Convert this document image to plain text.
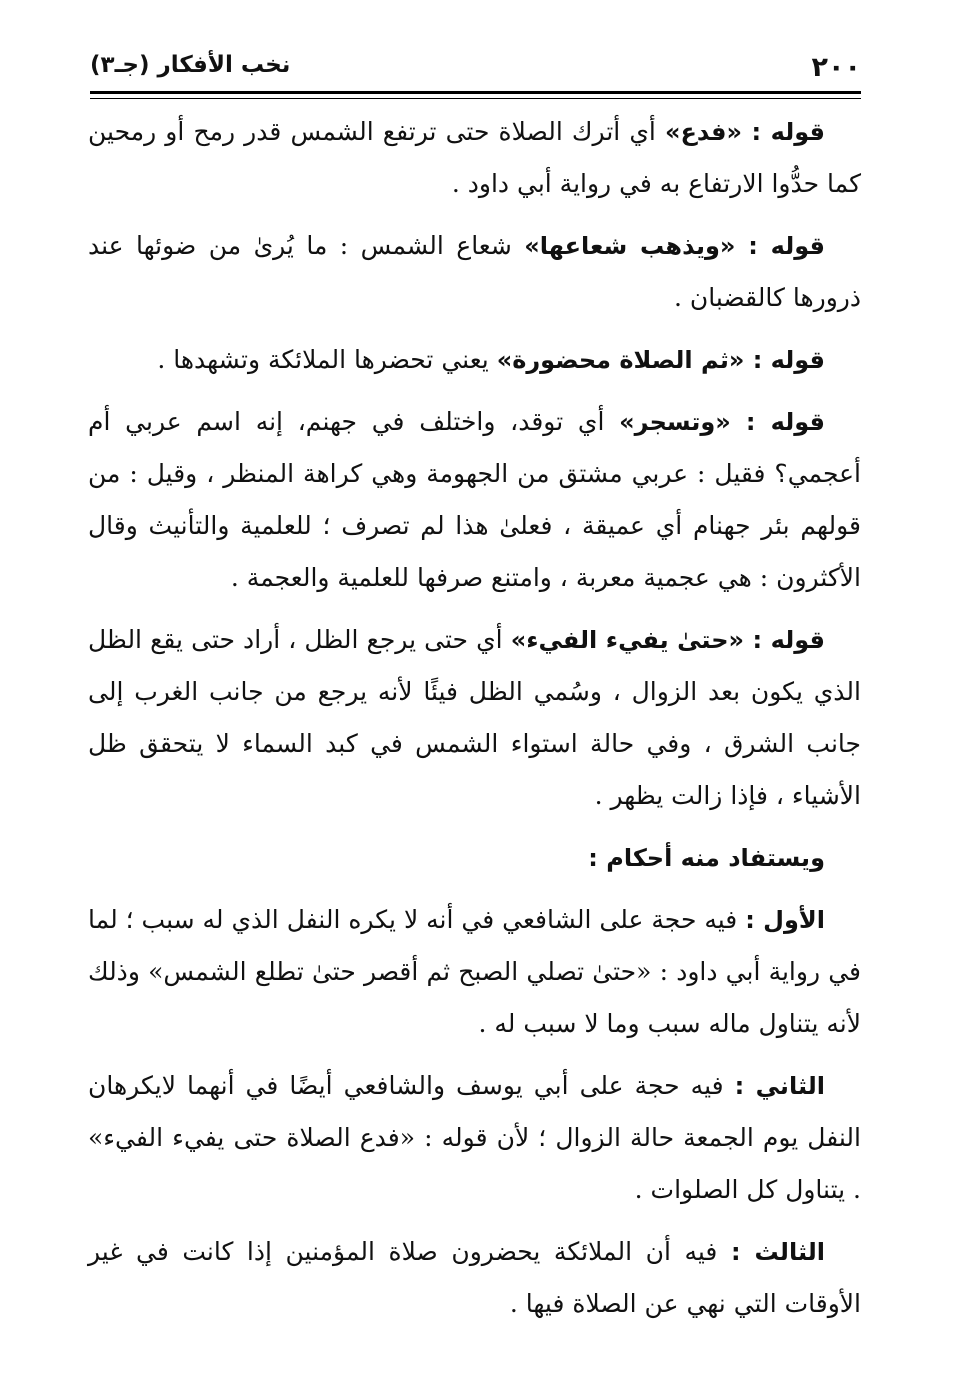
٢٠٠
نخب الأفكار (جـ٣)

قوله : «فدع» أي أترك الصلاة حتى ترتفع الشمس قدر رمح أو رمحين كما حدُّوا الارتفاع به في رواية أبي داود .

قوله : «ويذهب شعاعها» شعاع الشمس : ما يُرىٰ من ضوئها عند ذرورها كالقضبان .

قوله : «ثم الصلاة محضورة» يعني تحضرها الملائكة وتشهدها .

قوله : «وتسجر» أي توقد، واختلف في جهنم، إنه اسم عربي أم أعجمي؟ فقيل : عربي مشتق من الجهومة وهي كراهة المنظر ، وقيل : من قولهم بئر جهنام أي عميقة ، فعلىٰ هذا لم تصرف ؛ للعلمية والتأنيث وقال الأكثرون : هي عجمية معربة ، وامتنع صرفها للعلمية والعجمة .

قوله : «حتىٰ يفيء الفيء» أي حتى يرجع الظل ، أراد حتى يقع الظل الذي يكون بعد الزوال ، وسُمي الظل فيئًا لأنه يرجع من جانب الغرب إلى جانب الشرق ، وفي حالة استواء الشمس في كبد السماء لا يتحقق ظل الأشياء ، فإذا زالت يظهر .

ويستفاد منه أحكام :

الأول : فيه حجة على الشافعي في أنه لا يكره النفل الذي له سبب ؛ لما في رواية أبي داود : «حتىٰ تصلي الصبح ثم أقصر حتىٰ تطلع الشمس» وذلك لأنه يتناول ماله سبب وما لا سبب له .

الثاني : فيه حجة على أبي يوسف والشافعي أيضًا في أنهما لايكرهان النفل يوم الجمعة حالة الزوال ؛ لأن قوله : «فدع الصلاة حتى يفيء الفيء» . يتناول كل الصلوات .

الثالث : فيه أن الملائكة يحضرون صلاة المؤمنين إذا كانت في غير الأوقات التي نهي عن الصلاة فيها .
